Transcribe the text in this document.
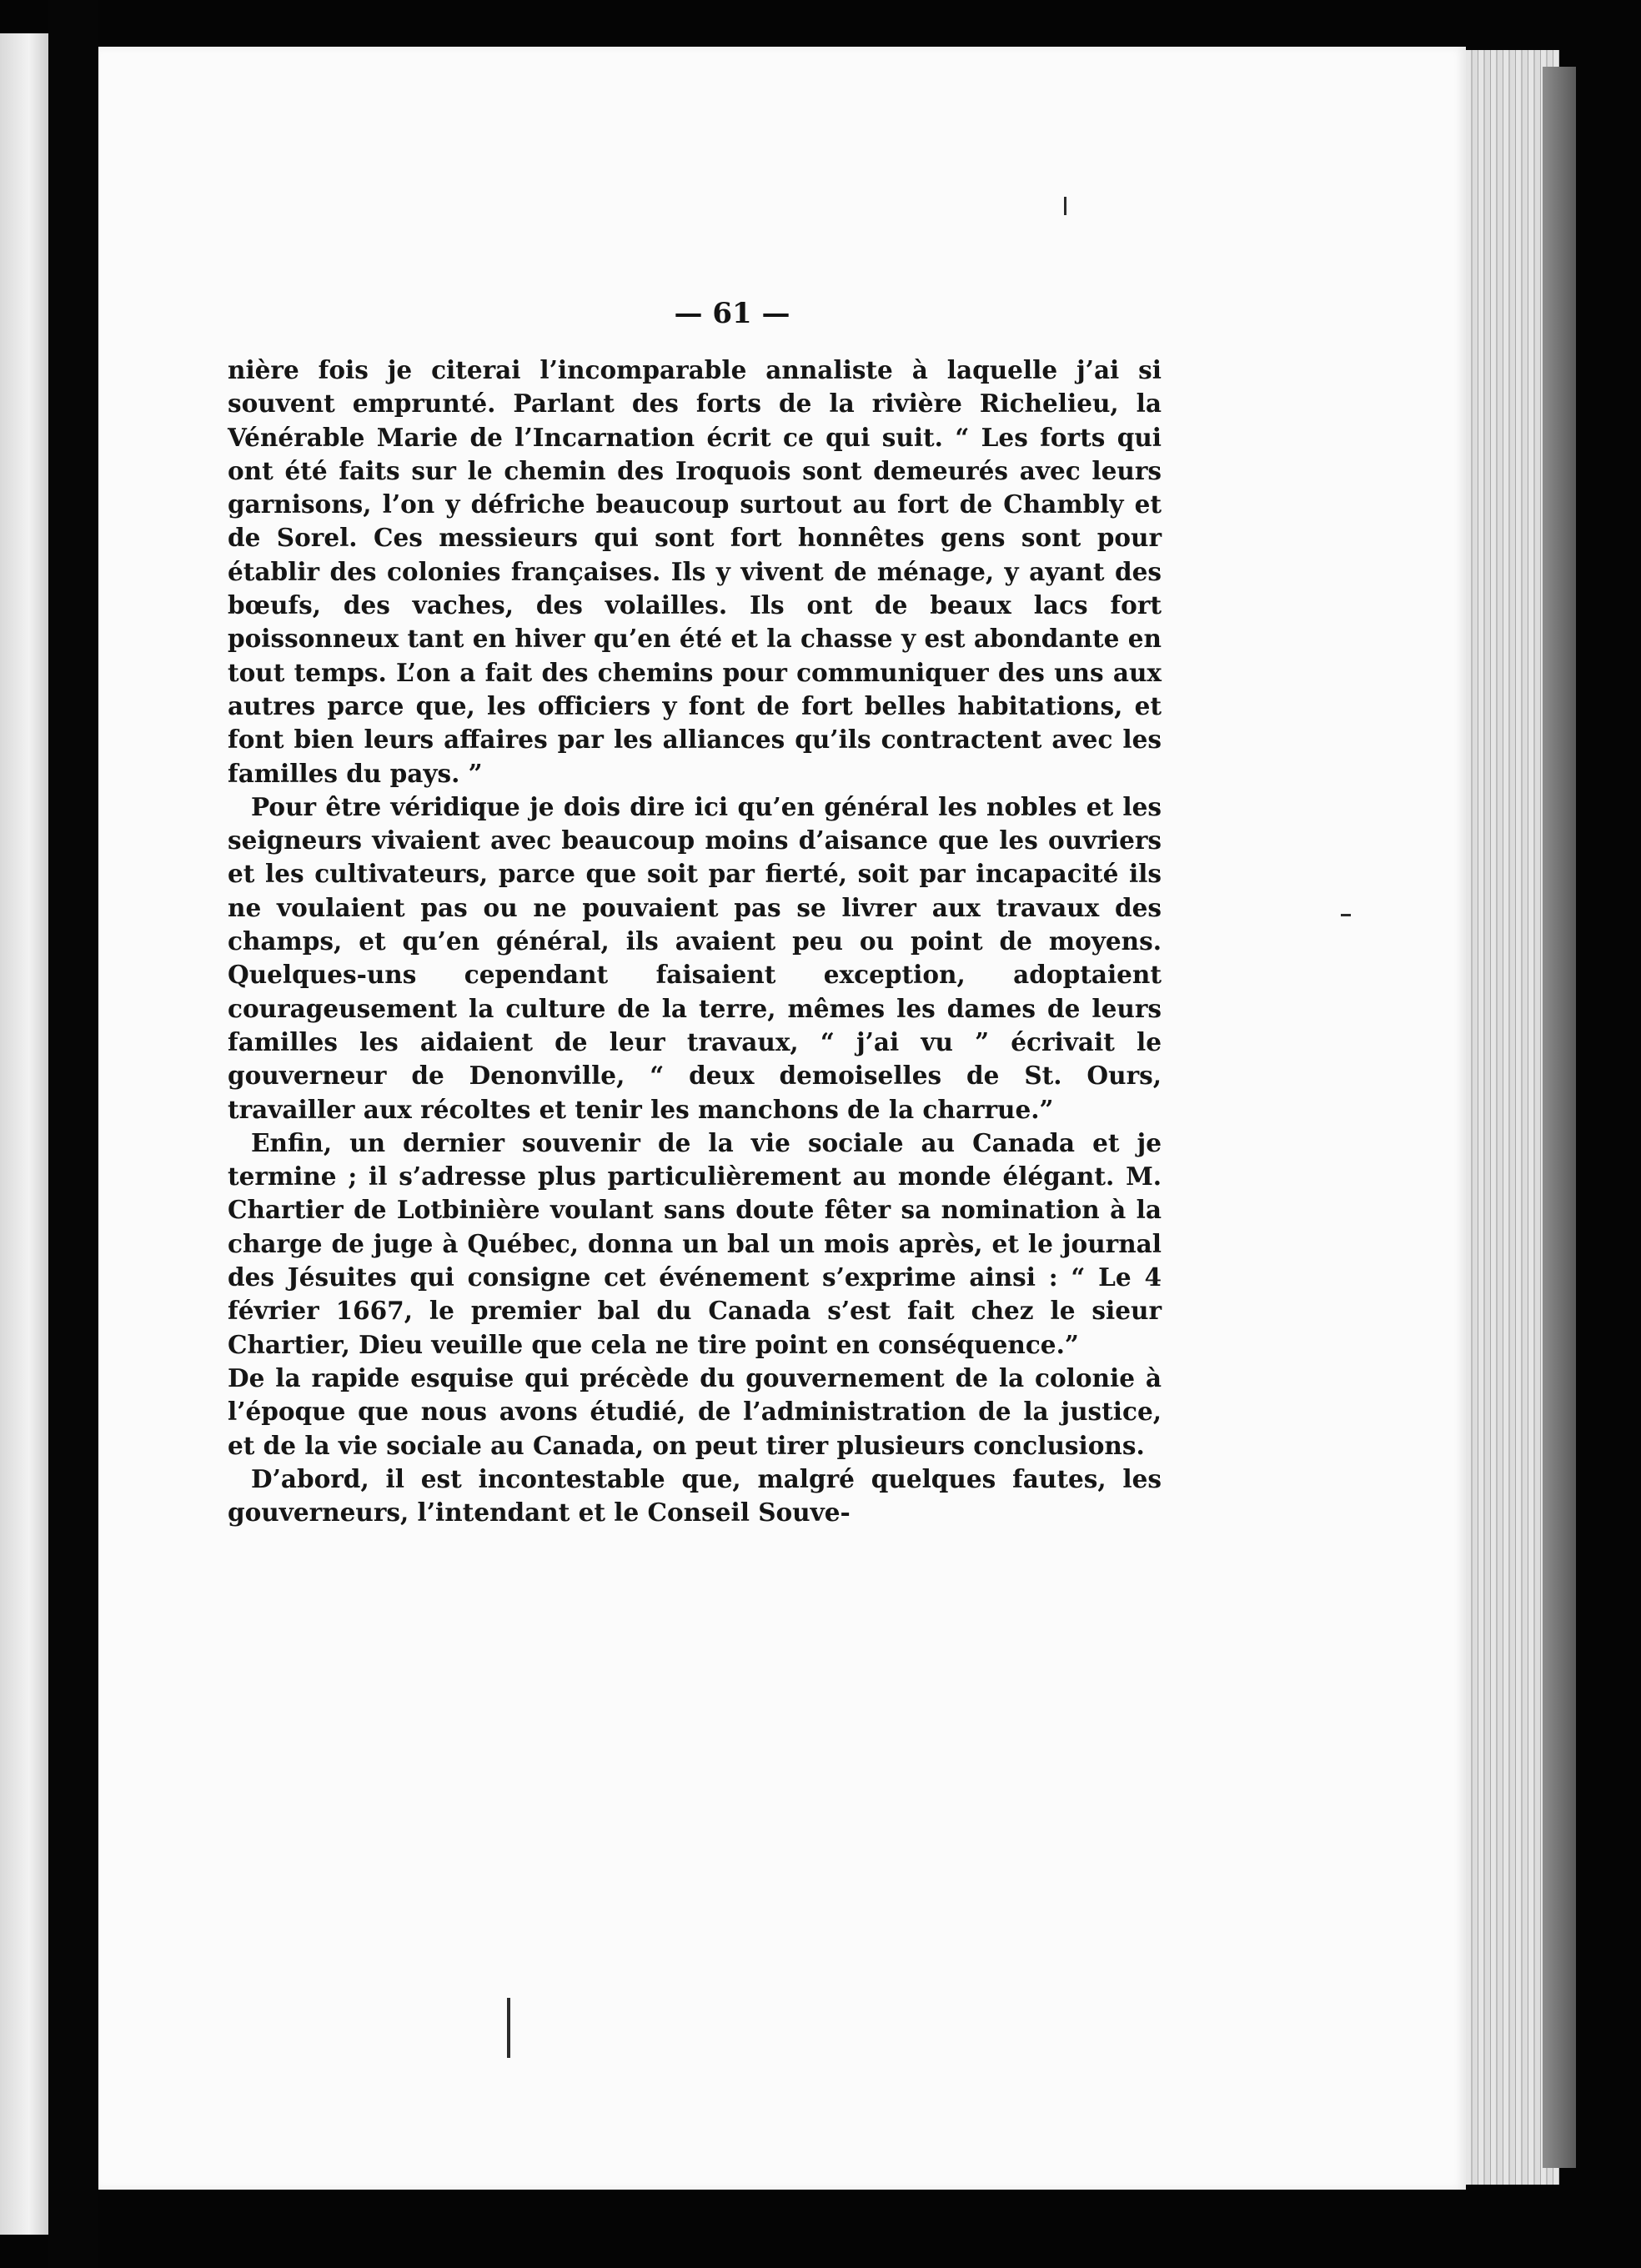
— 61 —

nière fois je citerai l’incomparable annaliste à laquelle j’ai si souvent emprunté. Parlant des forts de la rivière Richelieu, la Vénérable Marie de l’Incarnation écrit ce qui suit. “ Les forts qui ont été faits sur le chemin des Iroquois sont demeurés avec leurs garnisons, l’on y défriche beaucoup surtout au fort de Chambly et de Sorel. Ces messieurs qui sont fort honnêtes gens sont pour établir des colonies françaises. Ils y vivent de ménage, y ayant des bœufs, des vaches, des volailles. Ils ont de beaux lacs fort poissonneux tant en hiver qu’en été et la chasse y est abondante en tout temps. L’on a fait des chemins pour communiquer des uns aux autres parce que, les officiers y font de fort belles habitations, et font bien leurs affaires par les alliances qu’ils contractent avec les familles du pays. ”

Pour être véridique je dois dire ici qu’en général les nobles et les seigneurs vivaient avec beaucoup moins d’aisance que les ouvriers et les cultivateurs, parce que soit par fierté, soit par incapacité ils ne voulaient pas ou ne pouvaient pas se livrer aux travaux des champs, et qu’en général, ils avaient peu ou point de moyens. Quelques-uns cependant faisaient exception, adoptaient courageusement la culture de la terre, mêmes les dames de leurs familles les aidaient de leur travaux, “ j’ai vu ” écrivait le gouverneur de Denonville, “ deux demoiselles de St. Ours, travailler aux récoltes et tenir les manchons de la charrue.”

Enfin, un dernier souvenir de la vie sociale au Canada et je termine ; il s’adresse plus particulièrement au monde élégant. M. Chartier de Lotbinière voulant sans doute fêter sa nomination à la charge de juge à Québec, donna un bal un mois après, et le journal des Jésuites qui consigne cet événement s’exprime ainsi : “ Le 4 février 1667, le premier bal du Canada s’est fait chez le sieur Chartier, Dieu veuille que cela ne tire point en conséquence.”

De la rapide esquise qui précède du gouvernement de la colonie à l’époque que nous avons étudié, de l’administration de la justice, et de la vie sociale au Canada, on peut tirer plusieurs conclusions.

D’abord, il est incontestable que, malgré quelques fautes, les gouverneurs, l’intendant et le Conseil Souve-
